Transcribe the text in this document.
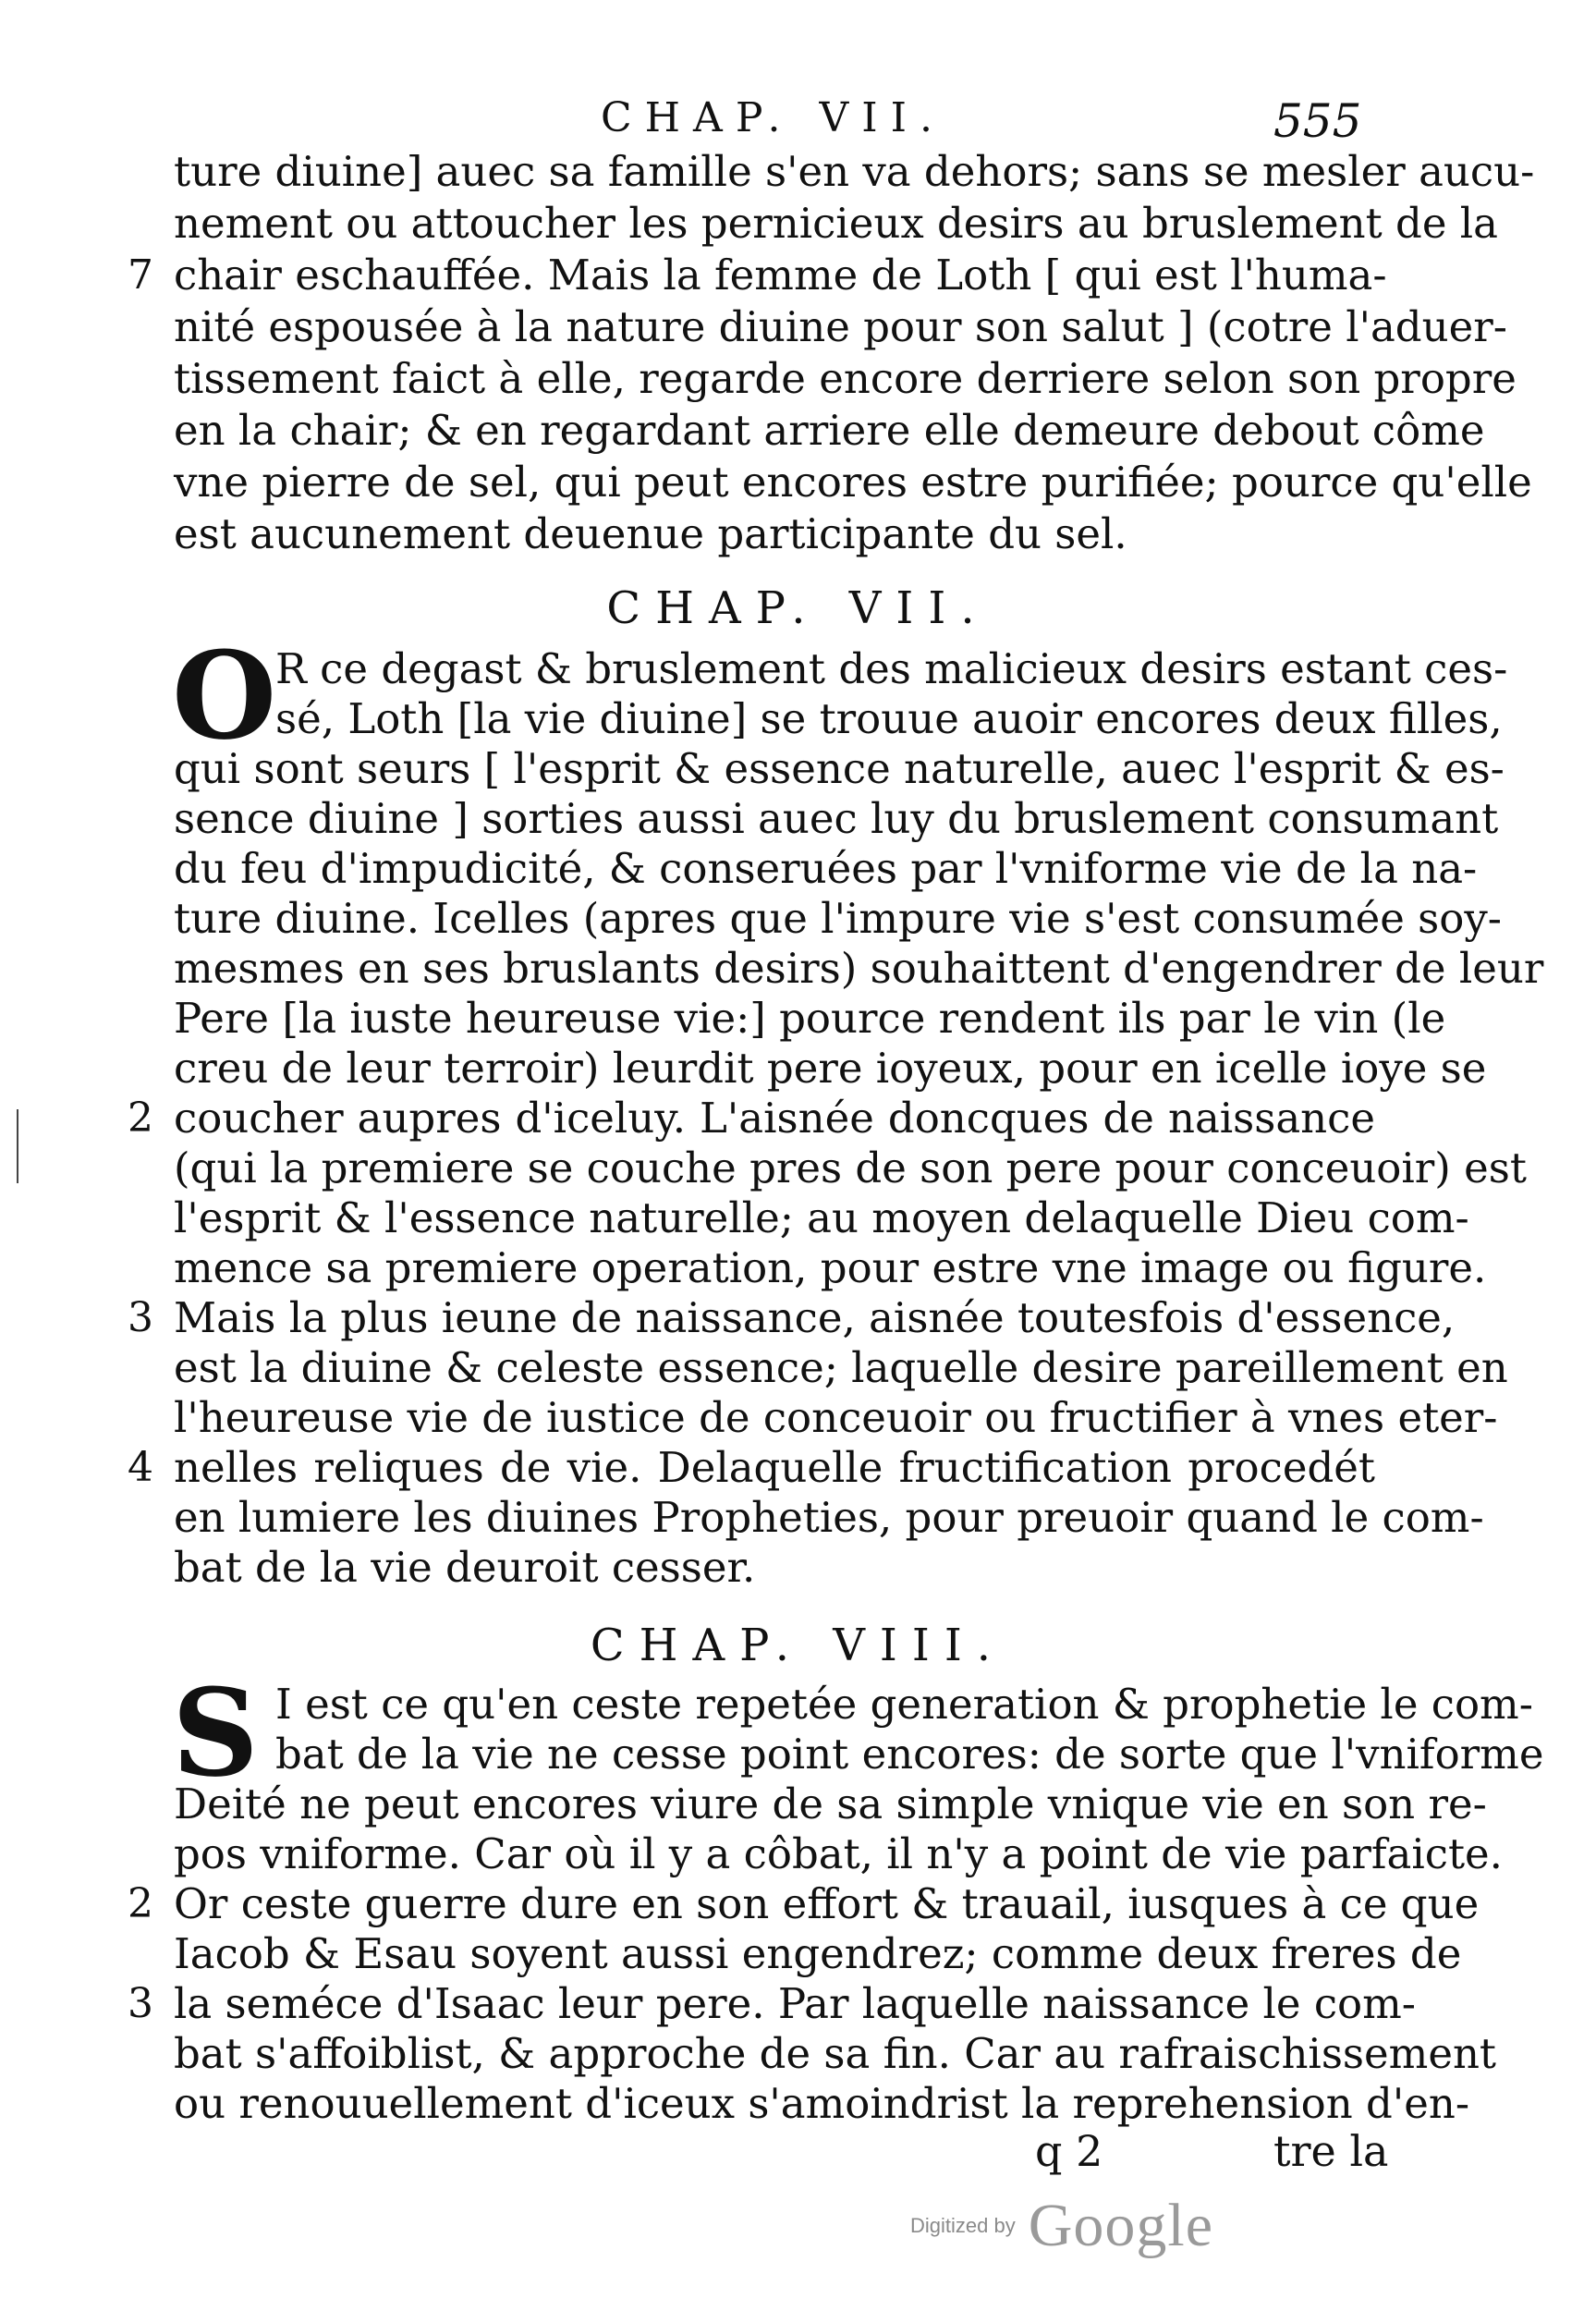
CHAP. VII.	555
ture diuine] auec sa famille s'en va dehors; sans se mesler aucu-
nement ou attoucher les pernicieux desirs au bruslement de la
chair eschauffée. Mais la femme de Loth [ qui est l'huma-
nité espousée à la nature diuine pour son salut ] (cotre l'aduer-
tissement faict à elle, regarde encore derriere selon son propre
en la chair; & en regardant arriere elle demeure debout côme
vne pierre de sel, qui peut encores estre purifiée; pource qu'elle
est aucunement deuenue participante du sel.
7
CHAP. VII.
O
R ce degast & bruslement des malicieux desirs estant ces-
sé, Loth [la vie diuine] se trouue auoir encores deux filles,
qui sont seurs [ l'esprit & essence naturelle, auec l'esprit & es-
sence diuine ] sorties aussi auec luy du bruslement consumant
du feu d'impudicité, & conseruées par l'vniforme vie de la na-
ture diuine. Icelles (apres que l'impure vie s'est consumée soy-
mesmes en ses bruslants desirs) souhaittent d'engendrer de leur
Pere [la iuste heureuse vie:] pource rendent ils par le vin (le
creu de leur terroir) leurdit pere ioyeux, pour en icelle ioye se
coucher aupres d'iceluy. L'aisnée doncques de naissance
(qui la premiere se couche pres de son pere pour conceuoir) est
l'esprit & l'essence naturelle; au moyen delaquelle Dieu com-
mence sa premiere operation, pour estre vne image ou figure.
Mais la plus ieune de naissance, aisnée toutesfois d'essence,
est la diuine & celeste essence; laquelle desire pareillement en
l'heureuse vie de iustice de conceuoir ou fructifier à vnes eter-
nelles reliques de vie. Delaquelle fructification procedét
en lumiere les diuines Propheties, pour preuoir quand le com-
bat de la vie deuroit cesser.
2
3
4
CHAP. VIII.
S I est ce qu'en ceste repetée generation & prophetie le com-
bat de la vie ne cesse point encores: de sorte que l'vniforme
Deité ne peut encores viure de sa simple vnique vie en son re-
pos vniforme. Car où il y a côbat, il n'y a point de vie parfaicte.
Or ceste guerre dure en son effort & trauail, iusques à ce que
Iacob & Esau soyent aussi engendrez; comme deux freres de
la seméce d'Isaac leur pere. Par laquelle naissance le com-
bat s'affoiblist, & approche de sa fin. Car au rafraischissement
ou renouuellement d'iceux s'amoindrist la reprehension d'en-
2
3
q 2	tre la
Digitized by Google
